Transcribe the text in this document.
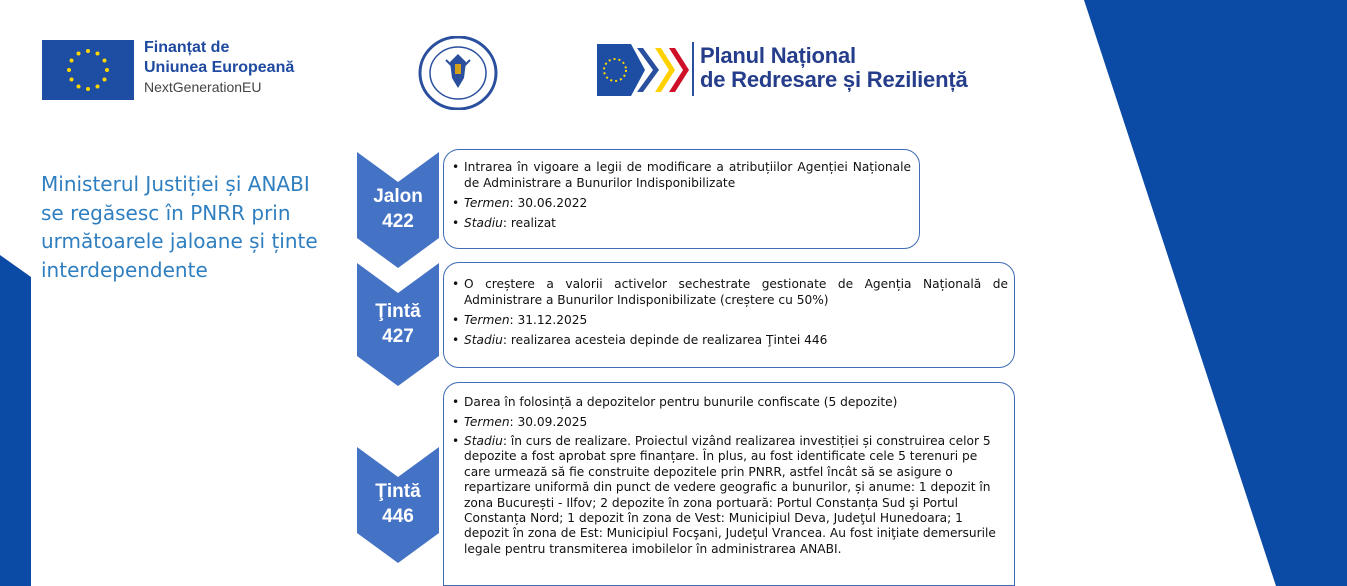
Finanțat de
Uniunea Europeană
NextGenerationEU
Planul Național
de Redresare și Reziliență
Ministerul Justiției și ANABI se regăsesc în PNRR prin următoarele jaloane și ținte interdependente
Jalon
422
• Intrarea în vigoare a legii de modificare a atribuțiilor Agenției Naționale de Administrare a Bunurilor Indisponibilizate
• Termen: 30.06.2022
• Stadiu: realizat
Ţintă
427
• O creștere a valorii activelor sechestrate gestionate de Agenția Națională de Administrare a Bunurilor Indisponibilizate (creștere cu 50%)
• Termen: 31.12.2025
• Stadiu: realizarea acesteia depinde de realizarea Ţintei 446
Ţintă
446
• Darea în folosință a depozitelor pentru bunurile confiscate (5 depozite)
• Termen: 30.09.2025
• Stadiu: în curs de realizare. Proiectul vizând realizarea investiției și construirea celor 5 depozite a fost aprobat spre finanțare. În plus, au fost identificate cele 5 terenuri pe care urmează să fie construite depozitele prin PNRR, astfel încât să se asigure o repartizare uniformă din punct de vedere geografic a bunurilor, și anume: 1 depozit în zona București - Ilfov; 2 depozite în zona portuară: Portul Constanța Sud şi Portul Constanța Nord; 1 depozit în zona de Vest: Municipiul Deva, Judeţul Hunedoara; 1 depozit în zona de Est: Municipiul Focşani, Judeţul Vrancea. Au fost iniţiate demersurile legale pentru transmiterea imobilelor în administrarea ANABI.
